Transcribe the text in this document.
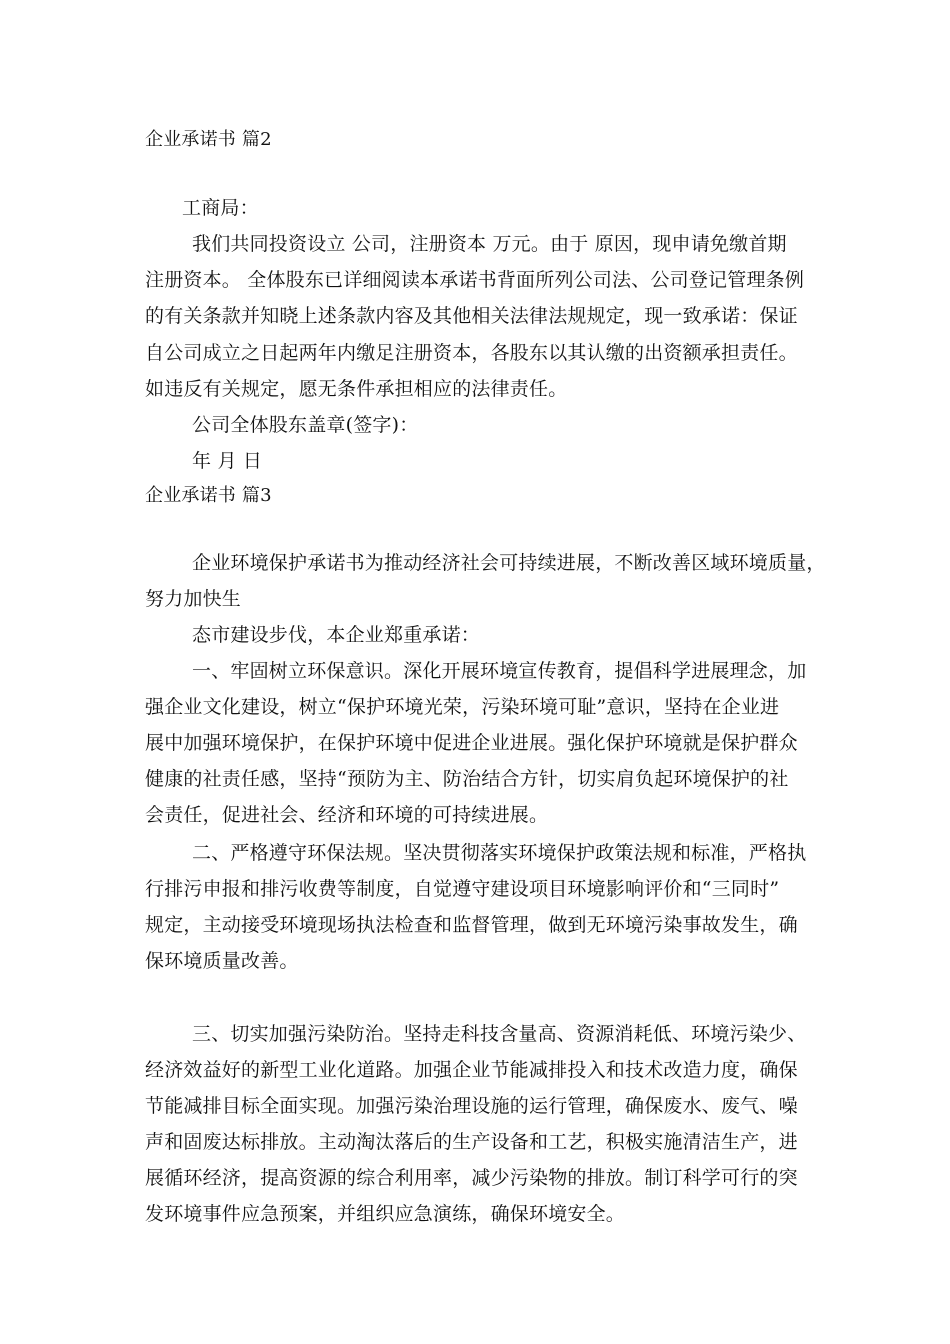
企业承诺书 篇2
工商局：
我们共同投资设立 公司，注册资本 万元。由于 原因，现申请免缴首期
注册资本。 全体股东已详细阅读本承诺书背面所列公司法、公司登记管理条例
的有关条款并知晓上述条款内容及其他相关法律法规规定，现一致承诺：保证
自公司成立之日起两年内缴足注册资本，各股东以其认缴的出资额承担责任。
如违反有关规定，愿无条件承担相应的法律责任。
公司全体股东盖章(签字)：
年 月 日
企业承诺书 篇3
企业环境保护承诺书为推动经济社会可持续进展，不断改善区域环境质量，
努力加快生
态市建设步伐，本企业郑重承诺：
一、牢固树立环保意识。深化开展环境宣传教育，提倡科学进展理念，加
强企业文化建设，树立“保护环境光荣，污染环境可耻”意识，坚持在企业进
展中加强环境保护，在保护环境中促进企业进展。强化保护环境就是保护群众
健康的社责任感，坚持“预防为主、防治结合方针，切实肩负起环境保护的社
会责任，促进社会、经济和环境的可持续进展。
二、严格遵守环保法规。坚决贯彻落实环境保护政策法规和标准，严格执
行排污申报和排污收费等制度，自觉遵守建设项目环境影响评价和“三同时”
规定，主动接受环境现场执法检查和监督管理，做到无环境污染事故发生，确
保环境质量改善。
三、切实加强污染防治。坚持走科技含量高、资源消耗低、环境污染少、
经济效益好的新型工业化道路。加强企业节能减排投入和技术改造力度，确保
节能减排目标全面实现。加强污染治理设施的运行管理，确保废水、废气、噪
声和固废达标排放。主动淘汰落后的生产设备和工艺，积极实施清洁生产，进
展循环经济，提高资源的综合利用率，减少污染物的排放。制订科学可行的突
发环境事件应急预案，并组织应急演练，确保环境安全。
